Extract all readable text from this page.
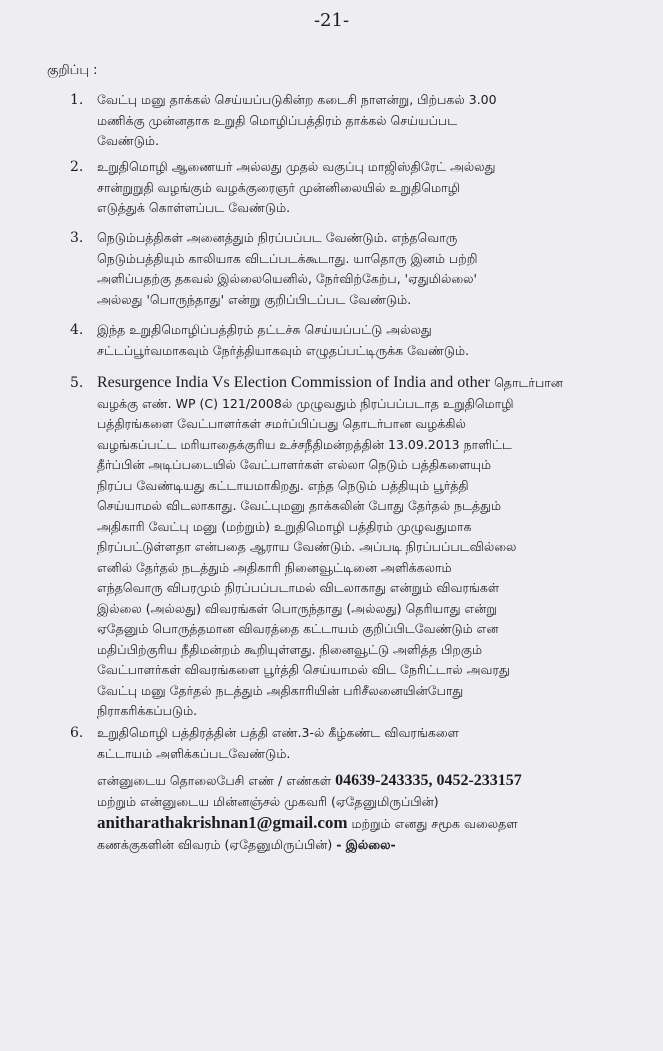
-21-
குறிப்பு :
1.	வேட்பு மனு தாக்கல் செய்யப்படுகின்ற கடைசி நாளன்று, பிற்பகல் 3.00
மணிக்கு முன்னதாக உறுதி மொழிப்பத்திரம் தாக்கல் செய்யப்பட
வேண்டும்.
2.	உறுதிமொழி ஆணையர் அல்லது முதல் வகுப்பு மாஜிஸ்திரேட் அல்லது
சான்றுறுதி வழங்கும் வழக்குரைஞர் முன்னிலையில் உறுதிமொழி
எடுத்துக் கொள்ளப்பட வேண்டும்.
3.	நெடும்பத்திகள் அனைத்தும் நிரப்பப்பட வேண்டும். எந்தவொரு
நெடும்பத்தியும் காலியாக விடப்படக்கூடாது. யாதொரு இனம் பற்றி
அளிப்பதற்கு தகவல் இல்லையெனில், நேர்விற்கேற்ப, 'ஏதுமில்லை'
அல்லது 'பொருந்தாது' என்று குறிப்பிடப்பட வேண்டும்.
4.	இந்த உறுதிமொழிப்பத்திரம் தட்டச்சு செய்யப்பட்டு அல்லது
சட்டப்பூர்வமாகவும் நேர்த்தியாகவும் எழுதப்பட்டிருக்க வேண்டும்.
5. Resurgence India Vs Election Commission of India and other தொடர்பான
வழக்கு எண். WP (C) 121/2008ல் முழுவதும் நிரப்பப்படாத உறுதிமொழி
பத்திரங்களை வேட்பாளர்கள் சமர்ப்பிப்பது தொடர்பான வழக்கில்
வழங்கப்பட்ட மரியாதைக்குரிய உச்சநீதிமன்றத்தின் 13.09.2013 நாளிட்ட
தீர்ப்பின் அடிப்படையில் வேட்பாளர்கள் எல்லா நெடும் பத்திகளையும்
நிரப்ப வேண்டியது கட்டாயமாகிறது. எந்த நெடும் பத்தியும் பூர்த்தி
செய்யாமல் விடலாகாது. வேட்புமனு தாக்கலின் போது தேர்தல் நடத்தும்
அதிகாரி வேட்பு மனு (மற்றும்) உறுதிமொழி பத்திரம் முழுவதுமாக
நிரப்பட்டுள்ளதா என்பதை ஆராய வேண்டும். அப்படி நிரப்பப்படவில்லை
எனில் தேர்தல் நடத்தும் அதிகாரி நினைவூட்டினை அளிக்கலாம்
எந்தவொரு விபரமும் நிரப்பப்படாமல் விடலாகாது என்றும் விவரங்கள்
இல்லை (அல்லது) விவரங்கள் பொருந்தாது (அல்லது) தெரியாது என்று
ஏதேனும் பொருத்தமான விவரத்தை கட்டாயம் குறிப்பிடவேண்டும் என
மதிப்பிற்குரிய நீதிமன்றம் கூறியுள்ளது. நினைவூட்டு அளித்த பிறகும்
வேட்பாளர்கள் விவரங்களை பூர்த்தி செய்யாமல் விட நேரிட்டால் அவரது
வேட்பு மனு தேர்தல் நடத்தும் அதிகாரியின் பரிசீலனையின்போது
நிராகரிக்கப்படும்.
6.	உறுதிமொழி பத்திரத்தின் பத்தி எண்.3-ல் கீழ்கண்ட விவரங்களை
கட்டாயம் அளிக்கப்படவேண்டும்.
என்னுடைய தொலைபேசி எண் / எண்கள் 04639-243335, 0452-233157
மற்றும் என்னுடைய மின்னஞ்சல் முகவரி (ஏதேனுமிருப்பின்)
anitharathakrishnan1@gmail.com மற்றும் எனது சமூக வலைதள
கணக்குகளின் விவரம் (ஏதேனுமிருப்பின்) - இல்லை-
